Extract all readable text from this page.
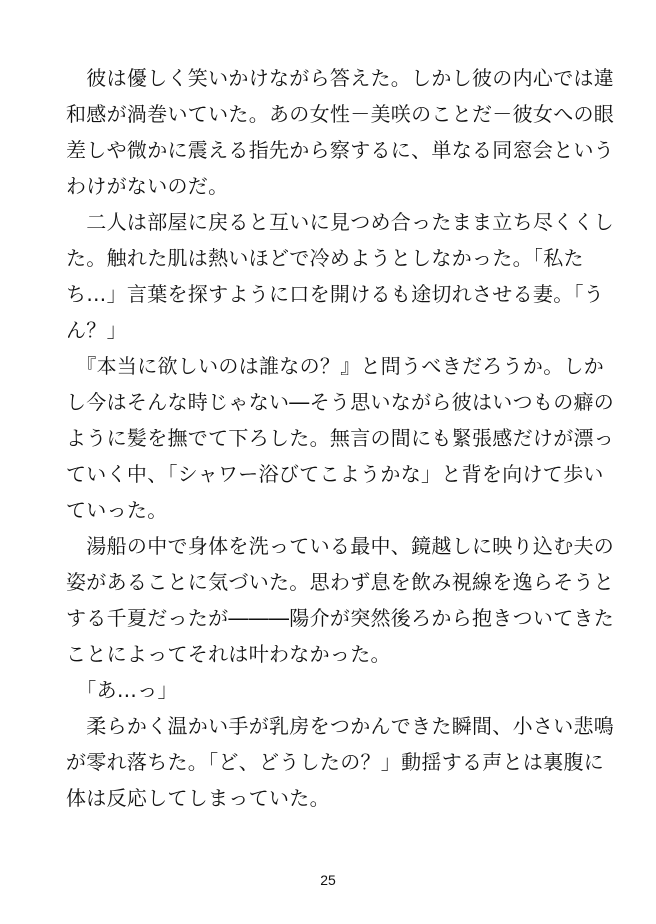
　彼は優しく笑いかけながら答えた。しかし彼の内心では違
和感が渦巻いていた。あの女性－美咲のことだ－彼女への眼
差しや微かに震える指先から察するに、単なる同窓会という
わけがないのだ。
　二人は部屋に戻ると互いに見つめ合ったまま立ち尽くくし
た。触れた肌は熱いほどで冷めようとしなかった。「私た
ち…」言葉を探すように口を開けるも途切れさせる妻。「う
ん？」
　『本当に欲しいのは誰なの？』と問うべきだろうか。しか
し今はそんな時じゃない―そう思いながら彼はいつもの癖の
ように髪を撫でて下ろした。無言の間にも緊張感だけが漂っ
ていく中、「シャワー浴びてこようかな」と背を向けて歩い
ていった。
　湯船の中で身体を洗っている最中、鏡越しに映り込む夫の
姿があることに気づいた。思わず息を飲み視線を逸らそうと
する千夏だったが―――陽介が突然後ろから抱きついてきた
ことによってそれは叶わなかった。
　「あ…っ」
　柔らかく温かい手が乳房をつかんできた瞬間、小さい悲鳴
が零れ落ちた。「ど、どうしたの？」動揺する声とは裏腹に
体は反応してしまっていた。
25
